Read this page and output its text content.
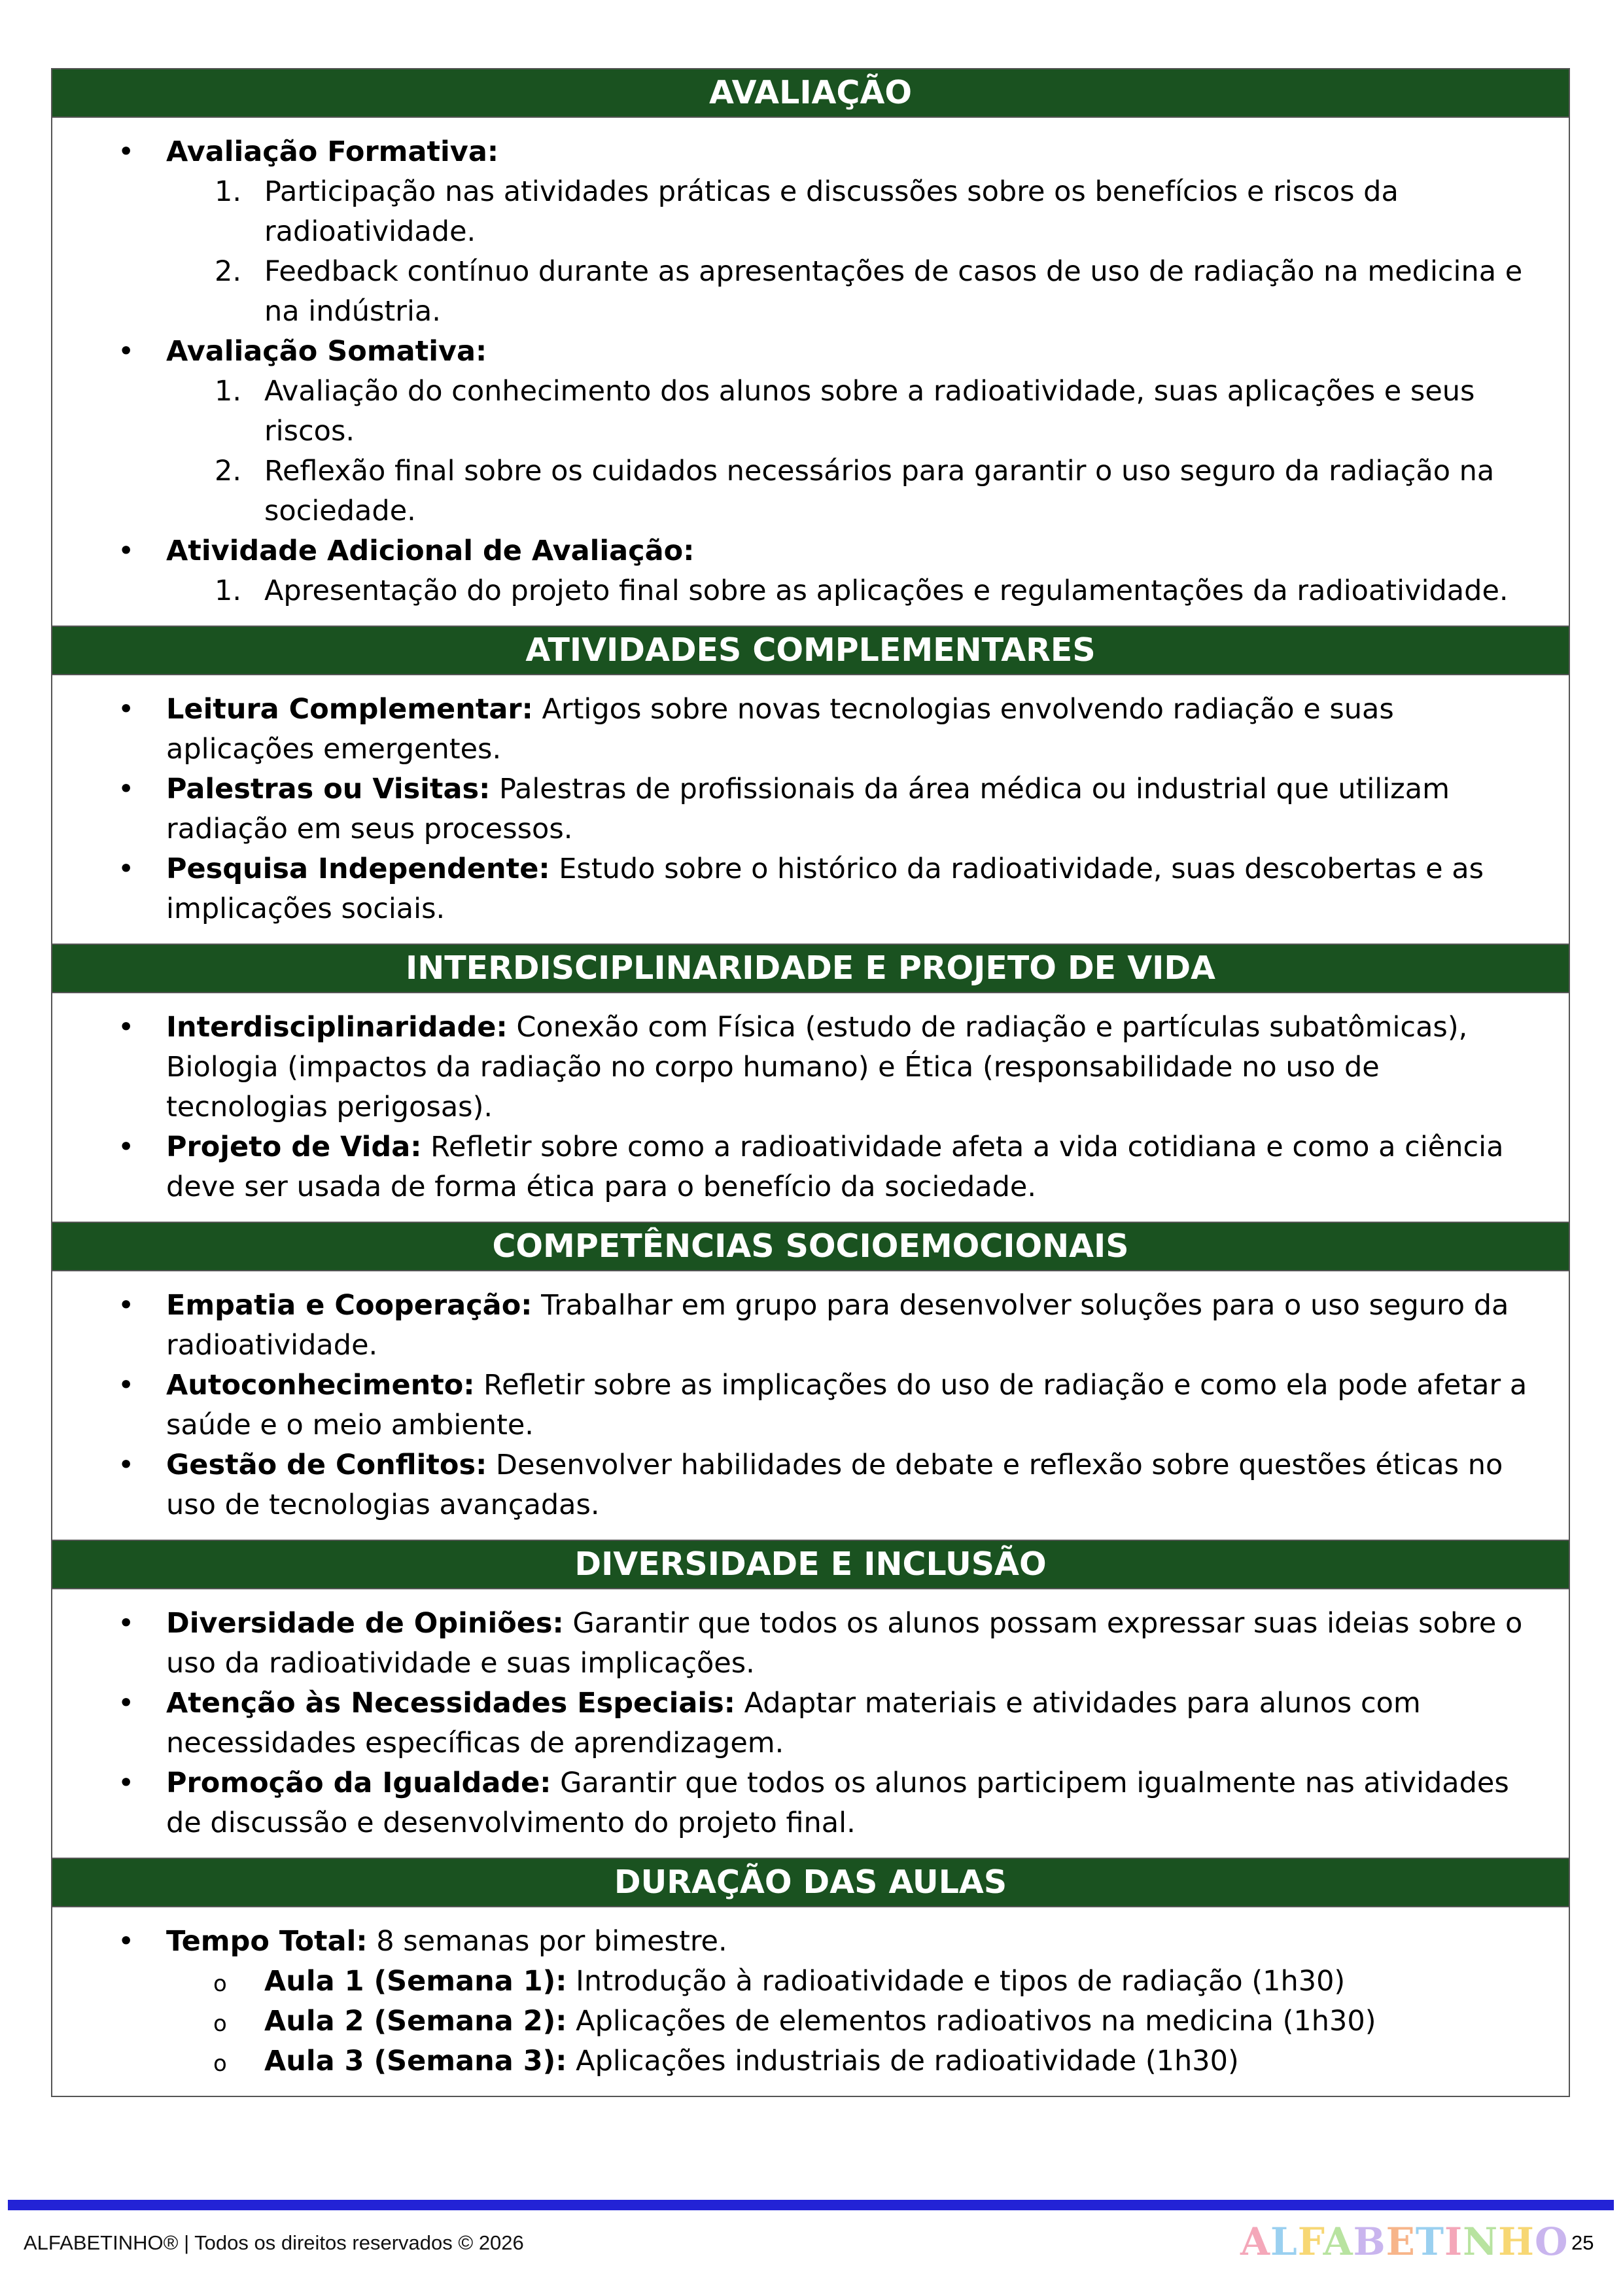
AVALIAÇÃO
• Avaliação Formativa:
1. Participação nas atividades práticas e discussões sobre os benefícios e riscos da radioatividade.
2. Feedback contínuo durante as apresentações de casos de uso de radiação na medicina e na indústria.
• Avaliação Somativa:
1. Avaliação do conhecimento dos alunos sobre a radioatividade, suas aplicações e seus riscos.
2. Reflexão final sobre os cuidados necessários para garantir o uso seguro da radiação na sociedade.
• Atividade Adicional de Avaliação:
1. Apresentação do projeto final sobre as aplicações e regulamentações da radioatividade.
ATIVIDADES COMPLEMENTARES
• Leitura Complementar: Artigos sobre novas tecnologias envolvendo radiação e suas aplicações emergentes.
• Palestras ou Visitas: Palestras de profissionais da área médica ou industrial que utilizam radiação em seus processos.
• Pesquisa Independente: Estudo sobre o histórico da radioatividade, suas descobertas e as implicações sociais.
INTERDISCIPLINARIDADE E PROJETO DE VIDA
• Interdisciplinaridade: Conexão com Física (estudo de radiação e partículas subatômicas), Biologia (impactos da radiação no corpo humano) e Ética (responsabilidade no uso de tecnologias perigosas).
• Projeto de Vida: Refletir sobre como a radioatividade afeta a vida cotidiana e como a ciência deve ser usada de forma ética para o benefício da sociedade.
COMPETÊNCIAS SOCIOEMOCIONAIS
• Empatia e Cooperação: Trabalhar em grupo para desenvolver soluções para o uso seguro da radioatividade.
• Autoconhecimento: Refletir sobre as implicações do uso de radiação e como ela pode afetar a saúde e o meio ambiente.
• Gestão de Conflitos: Desenvolver habilidades de debate e reflexão sobre questões éticas no uso de tecnologias avançadas.
DIVERSIDADE E INCLUSÃO
• Diversidade de Opiniões: Garantir que todos os alunos possam expressar suas ideias sobre o uso da radioatividade e suas implicações.
• Atenção às Necessidades Especiais: Adaptar materiais e atividades para alunos com necessidades específicas de aprendizagem.
• Promoção da Igualdade: Garantir que todos os alunos participem igualmente nas atividades de discussão e desenvolvimento do projeto final.
DURAÇÃO DAS AULAS
• Tempo Total: 8 semanas por bimestre.
o Aula 1 (Semana 1): Introdução à radioatividade e tipos de radiação (1h30)
o Aula 2 (Semana 2): Aplicações de elementos radioativos na medicina (1h30)
o Aula 3 (Semana 3): Aplicações industriais de radioatividade (1h30)
ALFABETINHO® | Todos os direitos reservados © 2026	ALFABETINHO 25
